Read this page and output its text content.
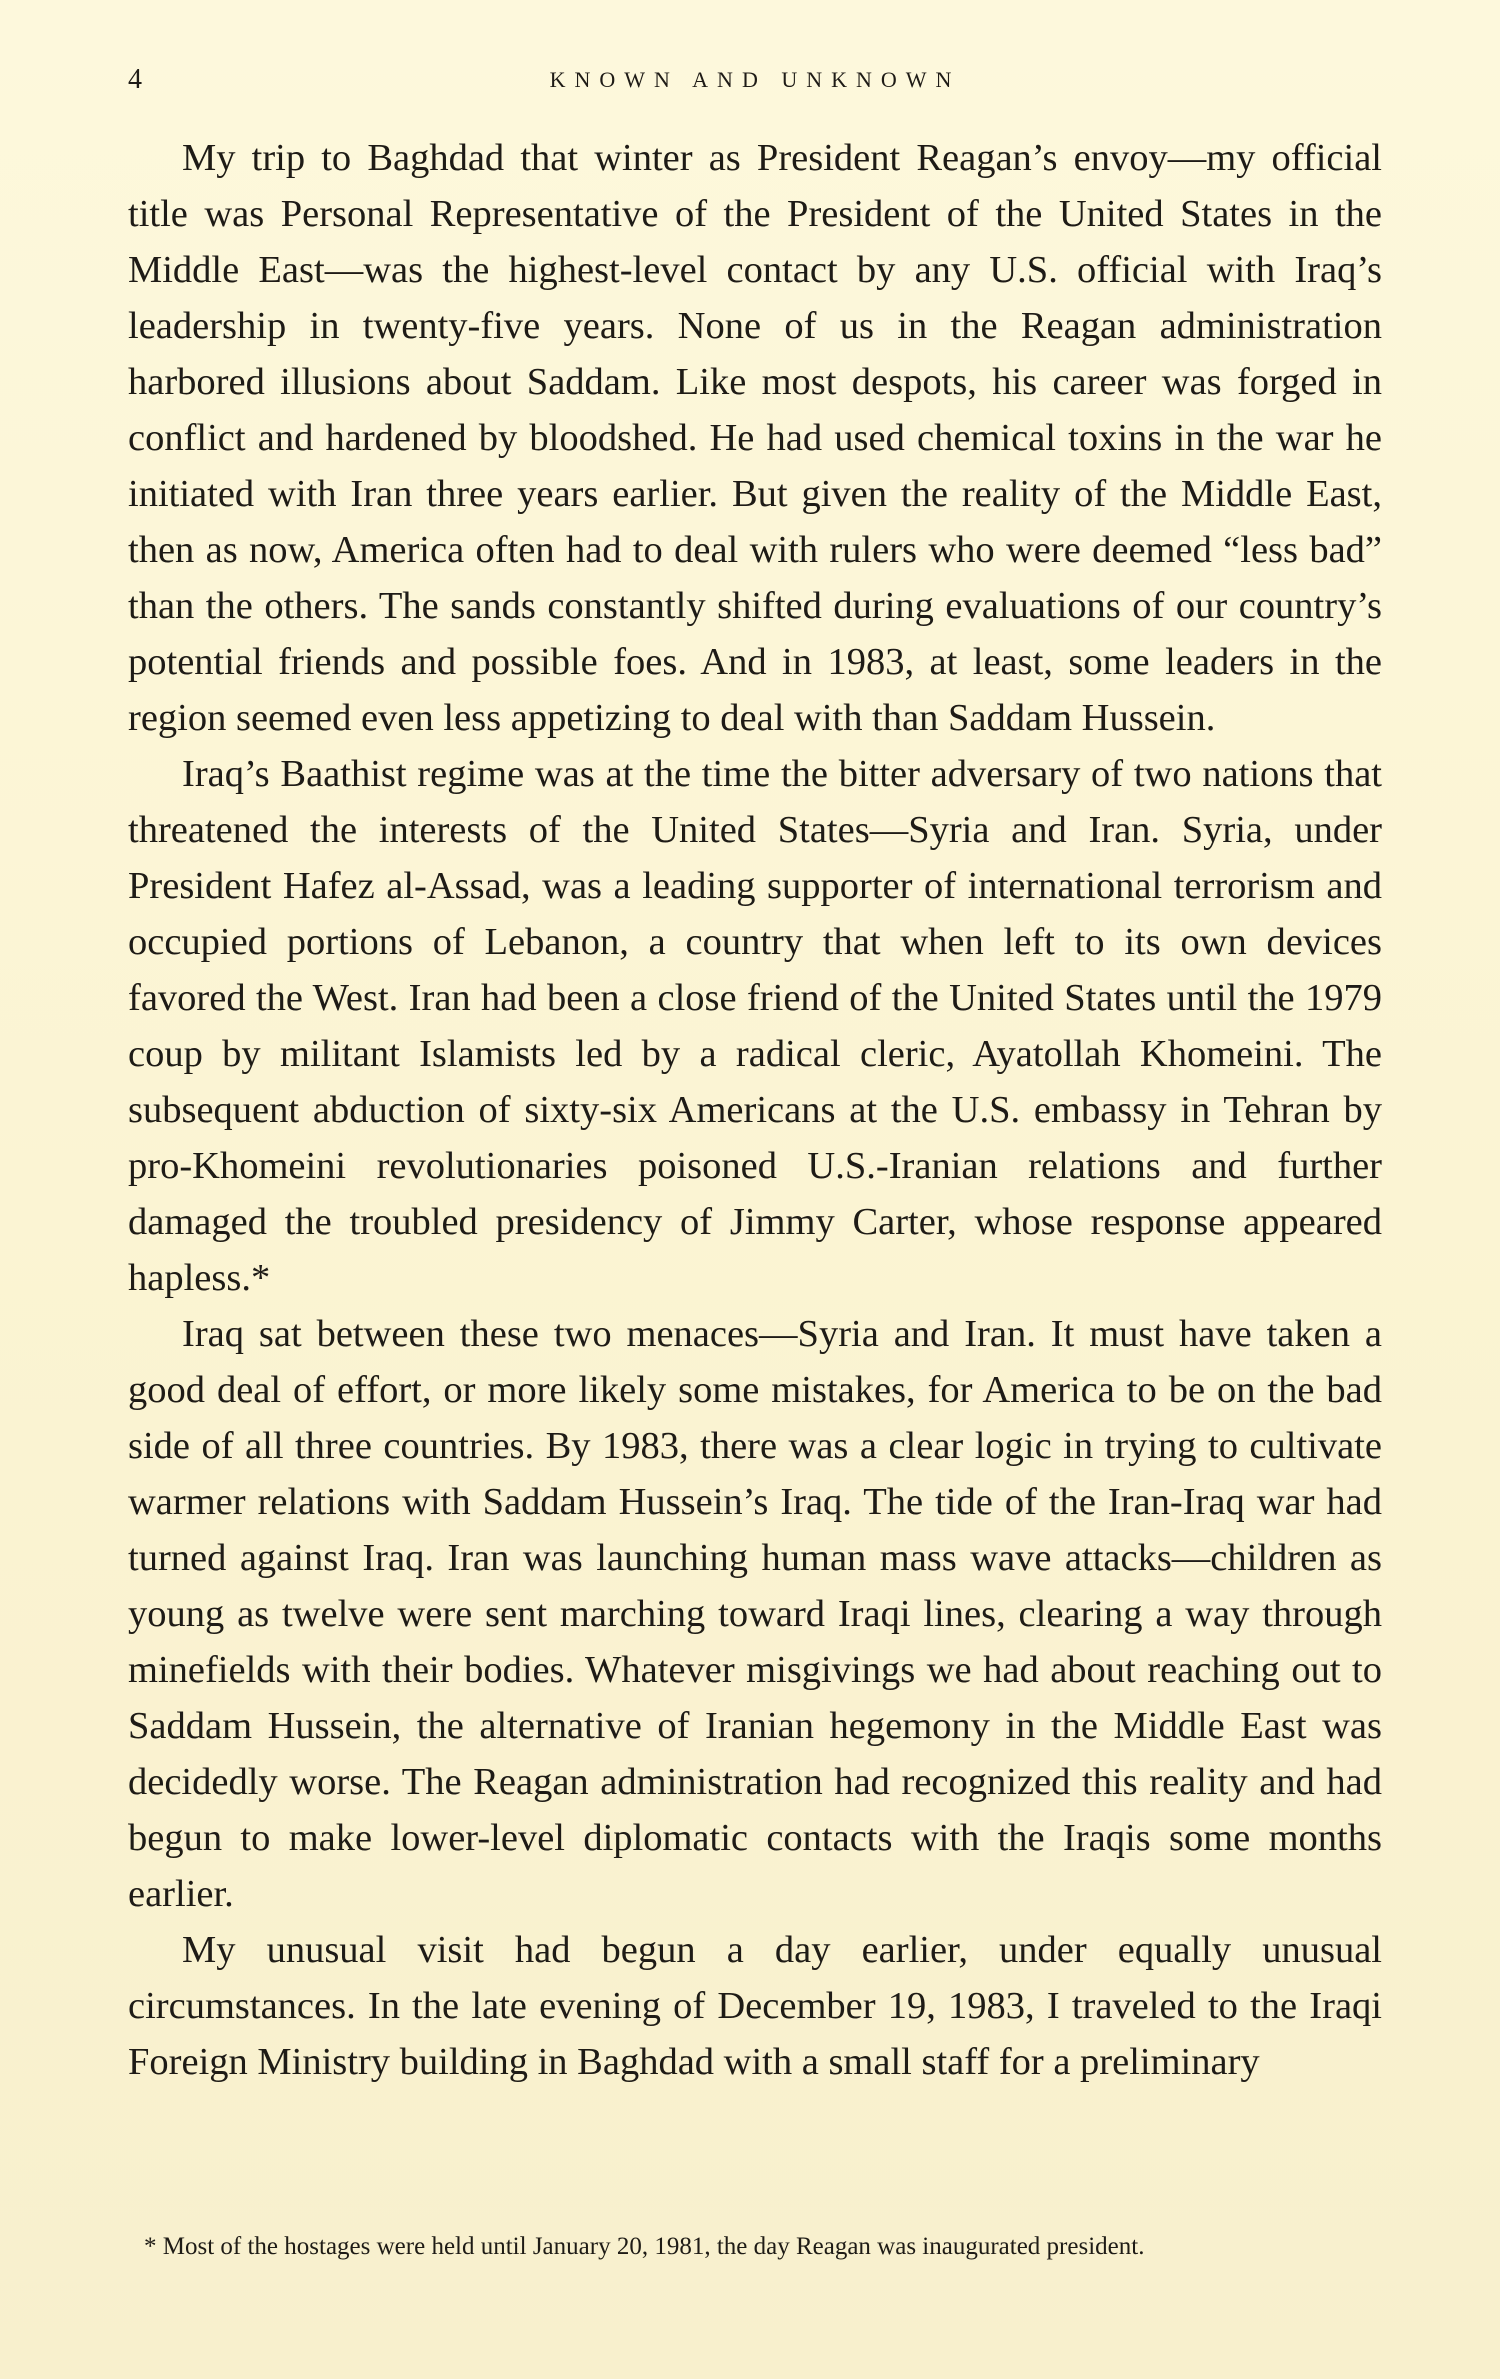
4	KNOWN AND UNKNOWN

My trip to Baghdad that winter as President Reagan’s envoy—my official title was Personal Representative of the President of the United States in the Middle East—was the highest-level contact by any U.S. official with Iraq’s leadership in twenty-five years. None of us in the Reagan administration harbored illusions about Saddam. Like most despots, his career was forged in conflict and hardened by bloodshed. He had used chemical toxins in the war he initiated with Iran three years earlier. But given the reality of the Middle East, then as now, America often had to deal with rulers who were deemed “less bad” than the others. The sands constantly shifted during evaluations of our country’s potential friends and possible foes. And in 1983, at least, some leaders in the region seemed even less appetizing to deal with than Saddam Hussein.

Iraq’s Baathist regime was at the time the bitter adversary of two nations that threatened the interests of the United States—Syria and Iran. Syria, under President Hafez al-Assad, was a leading supporter of international terrorism and occupied portions of Lebanon, a country that when left to its own devices favored the West. Iran had been a close friend of the United States until the 1979 coup by militant Islamists led by a radical cleric, Ayatollah Khomeini. The subsequent abduction of sixty-six Americans at the U.S. embassy in Tehran by pro-Khomeini revolutionaries poisoned U.S.-Iranian relations and further damaged the troubled presidency of Jimmy Carter, whose response appeared hapless.*

Iraq sat between these two menaces—Syria and Iran. It must have taken a good deal of effort, or more likely some mistakes, for America to be on the bad side of all three countries. By 1983, there was a clear logic in trying to cultivate warmer relations with Saddam Hussein’s Iraq. The tide of the Iran-Iraq war had turned against Iraq. Iran was launching human mass wave attacks—children as young as twelve were sent marching toward Iraqi lines, clearing a way through minefields with their bodies. Whatever misgivings we had about reaching out to Saddam Hussein, the alternative of Iranian hegemony in the Middle East was decidedly worse. The Reagan administration had recognized this reality and had begun to make lower-level diplomatic contacts with the Iraqis some months earlier.

My unusual visit had begun a day earlier, under equally unusual circumstances. In the late evening of December 19, 1983, I traveled to the Iraqi Foreign Ministry building in Baghdad with a small staff for a preliminary

* Most of the hostages were held until January 20, 1981, the day Reagan was inaugurated president.
